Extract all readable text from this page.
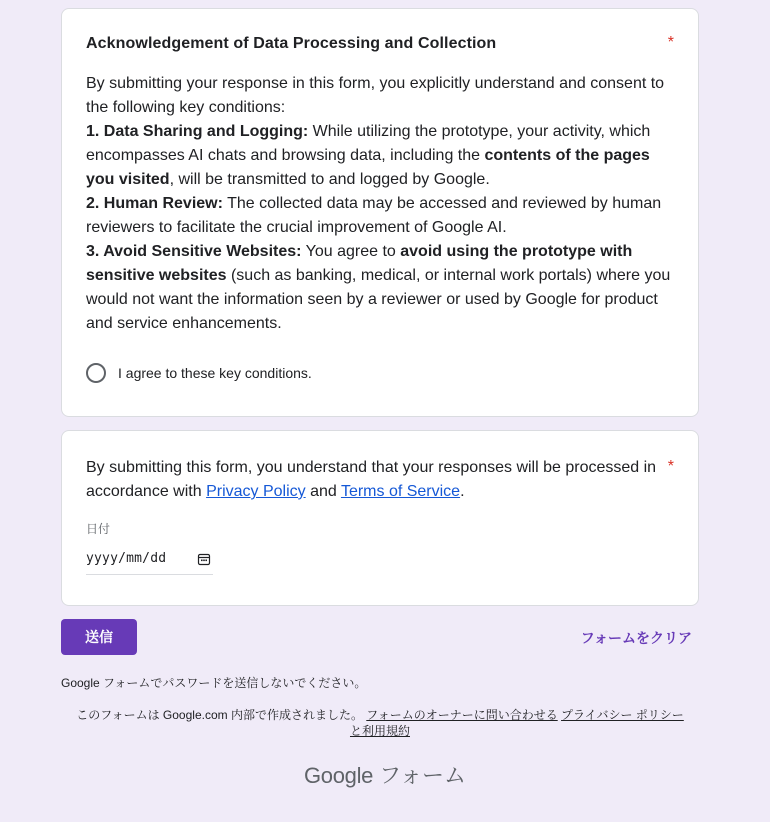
Acknowledgement of Data Processing and Collection	*

By submitting your response in this form, you explicitly understand and consent to the following key conditions:

1. Data Sharing and Logging: While utilizing the prototype, your activity, which encompasses AI chats and browsing data, including the contents of the pages you visited, will be transmitted to and logged by Google.

2. Human Review: The collected data may be accessed and reviewed by human reviewers to facilitate the crucial improvement of Google AI.

3. Avoid Sensitive Websites: You agree to avoid using the prototype with sensitive websites (such as banking, medical, or internal work portals) where you would not want the information seen by a reviewer or used by Google for product and service enhancements.

I agree to these key conditions.
By submitting this form, you understand that your responses will be processed in accordance with Privacy Policy and Terms of Service.
*
日付
yyyy/mm/dd
送信	フォームをクリア
Google フォームでパスワードを送信しないでください。
このフォームは Google.com 内部で作成されました。 フォームのオーナーに問い合わせる プライバシー ポリシー
と利用規約
Google フォーム
